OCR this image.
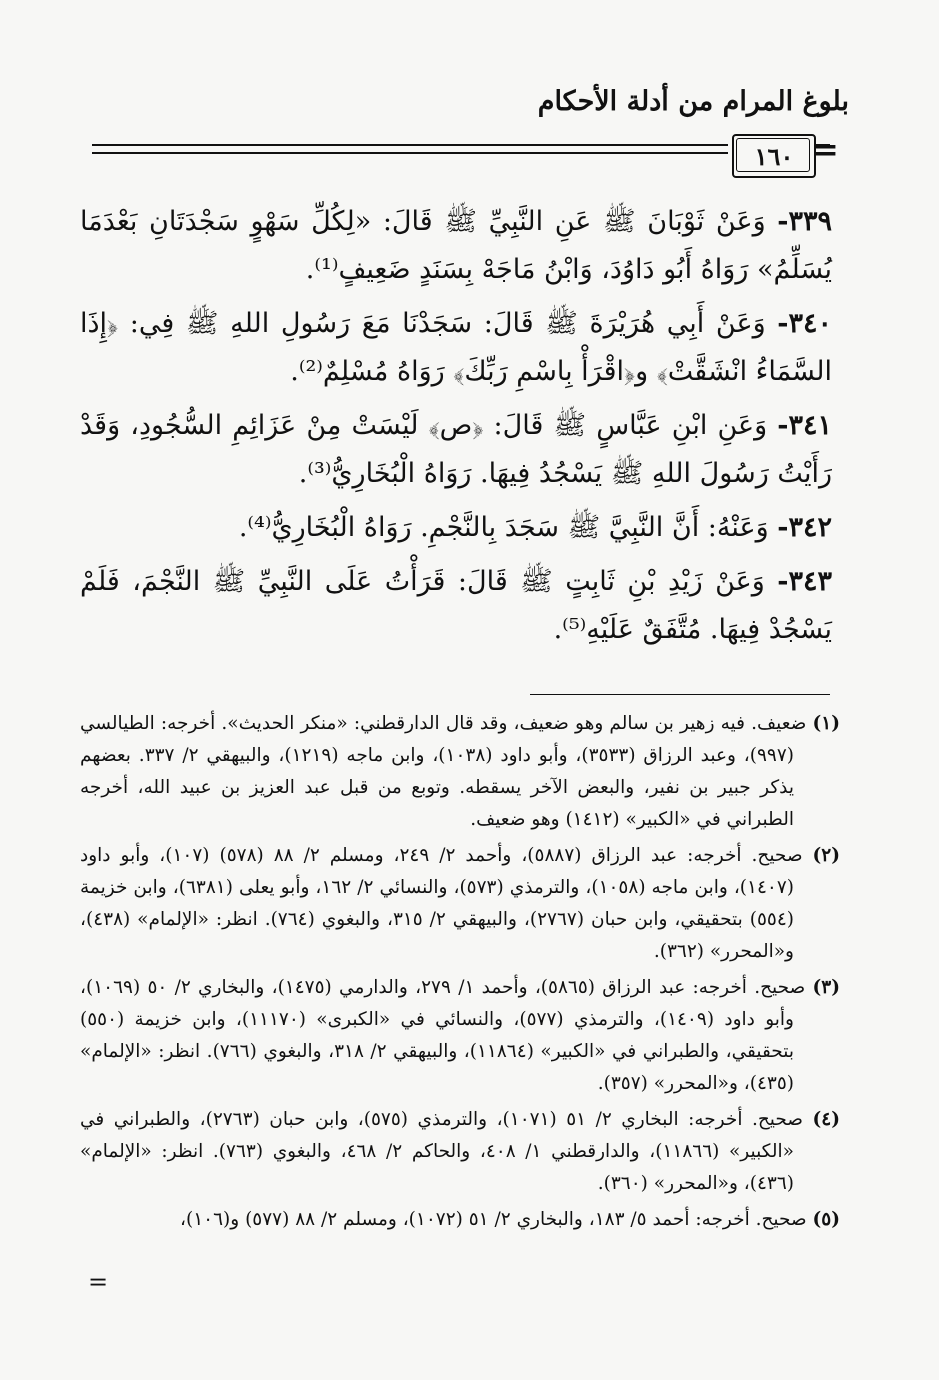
بلوغ المرام من أدلة الأحكام
١٦٠

٣٣٩- وَعَنْ ثَوْبَانَ ﷺ عَنِ النَّبِيِّ ﷺ قَالَ: «لِكُلِّ سَهْوٍ سَجْدَتَانِ بَعْدَمَا يُسَلِّمُ» رَوَاهُ أَبُو دَاوُدَ، وَابْنُ مَاجَهْ بِسَنَدٍ ضَعِيفٍ⁽¹⁾.

٣٤٠- وَعَنْ أَبِي هُرَيْرَةَ ﷺ قَالَ: سَجَدْنَا مَعَ رَسُولِ اللهِ ﷺ فِي: ﴿إِذَا السَّمَاءُ انْشَقَّتْ﴾ و﴿اقْرَأْ بِاسْمِ رَبِّكَ﴾ رَوَاهُ مُسْلِمٌ⁽²⁾.

٣٤١- وَعَنِ ابْنِ عَبَّاسٍ ﷺ قَالَ: ﴿ص﴾ لَيْسَتْ مِنْ عَزَائِمِ السُّجُودِ، وَقَدْ رَأَيْتُ رَسُولَ اللهِ ﷺ يَسْجُدُ فِيهَا. رَوَاهُ الْبُخَارِيُّ⁽³⁾.

٣٤٢- وَعَنْهُ: أَنَّ النَّبِيَّ ﷺ سَجَدَ بِالنَّجْمِ. رَوَاهُ الْبُخَارِيُّ⁽⁴⁾.

٣٤٣- وَعَنْ زَيْدِ بْنِ ثَابِتٍ ﷺ قَالَ: قَرَأْتُ عَلَى النَّبِيِّ ﷺ النَّجْمَ، فَلَمْ يَسْجُدْ فِيهَا. مُتَّفَقٌ عَلَيْهِ⁽⁵⁾.

(١) ضعيف. فيه زهير بن سالم وهو ضعيف، وقد قال الدارقطني: «منكر الحديث». أخرجه: الطيالسي (٩٩٧)، وعبد الرزاق (٣٥٣٣)، وأبو داود (١٠٣٨)، وابن ماجه (١٢١٩)، والبيهقي ٢/ ٣٣٧. بعضهم يذكر جبير بن نفير، والبعض الآخر يسقطه. وتوبع من قبل عبد العزيز بن عبيد الله، أخرجه الطبراني في «الكبير» (١٤١٢) وهو ضعيف.

(٢) صحيح. أخرجه: عبد الرزاق (٥٨٨٧)، وأحمد ٢/ ٢٤٩، ومسلم ٢/ ٨٨ (٥٧٨) (١٠٧)، وأبو داود (١٤٠٧)، وابن ماجه (١٠٥٨)، والترمذي (٥٧٣)، والنسائي ٢/ ١٦٢، وأبو يعلى (٦٣٨١)، وابن خزيمة (٥٥٤) بتحقيقي، وابن حبان (٢٧٦٧)، والبيهقي ٢/ ٣١٥، والبغوي (٧٦٤). انظر: «الإلمام» (٤٣٨)، و«المحرر» (٣٦٢).

(٣) صحيح. أخرجه: عبد الرزاق (٥٨٦٥)، وأحمد ١/ ٢٧٩، والدارمي (١٤٧٥)، والبخاري ٢/ ٥٠ (١٠٦٩)، وأبو داود (١٤٠٩)، والترمذي (٥٧٧)، والنسائي في «الكبرى» (١١١٧٠)، وابن خزيمة (٥٥٠) بتحقيقي، والطبراني في «الكبير» (١١٨٦٤)، والبيهقي ٢/ ٣١٨، والبغوي (٧٦٦). انظر: «الإلمام» (٤٣٥)، و«المحرر» (٣٥٧).

(٤) صحيح. أخرجه: البخاري ٢/ ٥١ (١٠٧١)، والترمذي (٥٧٥)، وابن حبان (٢٧٦٣)، والطبراني في «الكبير» (١١٨٦٦)، والدارقطني ١/ ٤٠٨، والحاكم ٢/ ٤٦٨، والبغوي (٧٦٣). انظر: «الإلمام» (٤٣٦)، و«المحرر» (٣٦٠).

(٥) صحيح. أخرجه: أحمد ٥/ ١٨٣، والبخاري ٢/ ٥١ (١٠٧٢)، ومسلم ٢/ ٨٨ (٥٧٧) و(١٠٦)،

=
=
